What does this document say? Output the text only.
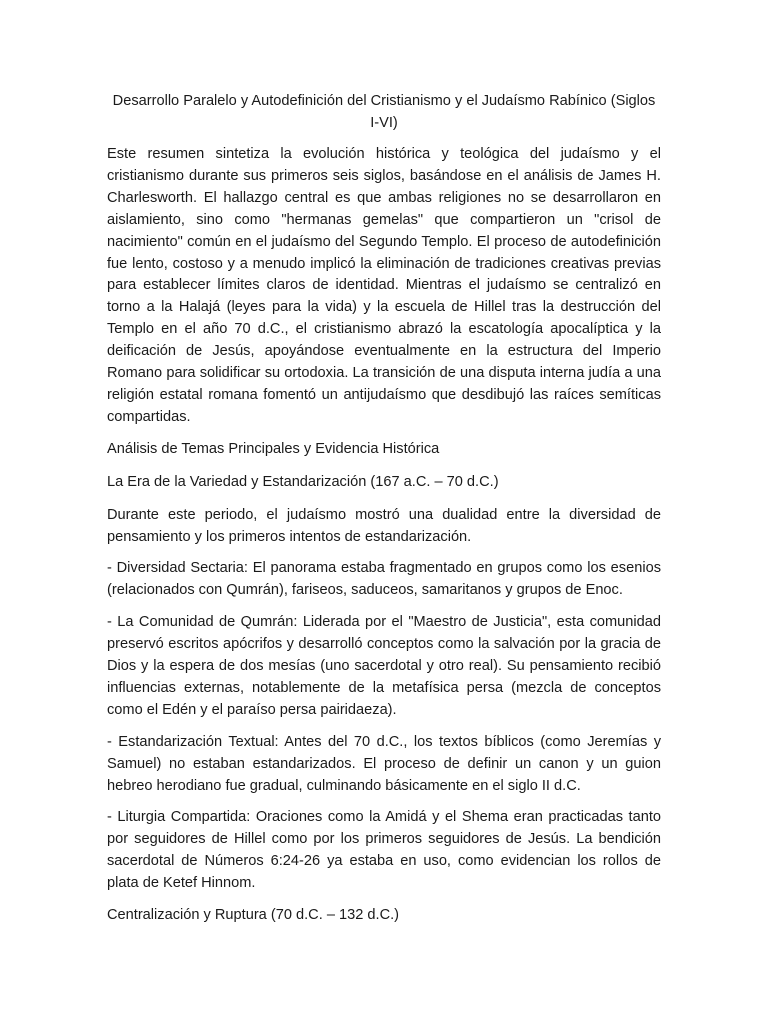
Desarrollo Paralelo y Autodefinición del Cristianismo y el Judaísmo Rabínico (Siglos I-VI)

Este resumen sintetiza la evolución histórica y teológica del judaísmo y el cristianismo durante sus primeros seis siglos, basándose en el análisis de James H. Charlesworth. El hallazgo central es que ambas religiones no se desarrollaron en aislamiento, sino como "hermanas gemelas" que compartieron un "crisol de nacimiento" común en el judaísmo del Segundo Templo. El proceso de autodefinición fue lento, costoso y a menudo implicó la eliminación de tradiciones creativas previas para establecer límites claros de identidad. Mientras el judaísmo se centralizó en torno a la Halajá (leyes para la vida) y la escuela de Hillel tras la destrucción del Templo en el año 70 d.C., el cristianismo abrazó la escatología apocalíptica y la deificación de Jesús, apoyándose eventualmente en la estructura del Imperio Romano para solidificar su ortodoxia. La transición de una disputa interna judía a una religión estatal romana fomentó un antijudaísmo que desdibujó las raíces semíticas compartidas.

Análisis de Temas Principales y Evidencia Histórica

La Era de la Variedad y Estandarización (167 a.C. – 70 d.C.)

Durante este periodo, el judaísmo mostró una dualidad entre la diversidad de pensamiento y los primeros intentos de estandarización.

- Diversidad Sectaria: El panorama estaba fragmentado en grupos como los esenios (relacionados con Qumrán), fariseos, saduceos, samaritanos y grupos de Enoc.

- La Comunidad de Qumrán: Liderada por el "Maestro de Justicia", esta comunidad preservó escritos apócrifos y desarrolló conceptos como la salvación por la gracia de Dios y la espera de dos mesías (uno sacerdotal y otro real). Su pensamiento recibió influencias externas, notablemente de la metafísica persa (mezcla de conceptos como el Edén y el paraíso persa pairidaeza).

- Estandarización Textual: Antes del 70 d.C., los textos bíblicos (como Jeremías y Samuel) no estaban estandarizados. El proceso de definir un canon y un guion hebreo herodiano fue gradual, culminando básicamente en el siglo II d.C.

- Liturgia Compartida: Oraciones como la Amidá y el Shema eran practicadas tanto por seguidores de Hillel como por los primeros seguidores de Jesús. La bendición sacerdotal de Números 6:24-26 ya estaba en uso, como evidencian los rollos de plata de Ketef Hinnom.

Centralización y Ruptura (70 d.C. – 132 d.C.)
